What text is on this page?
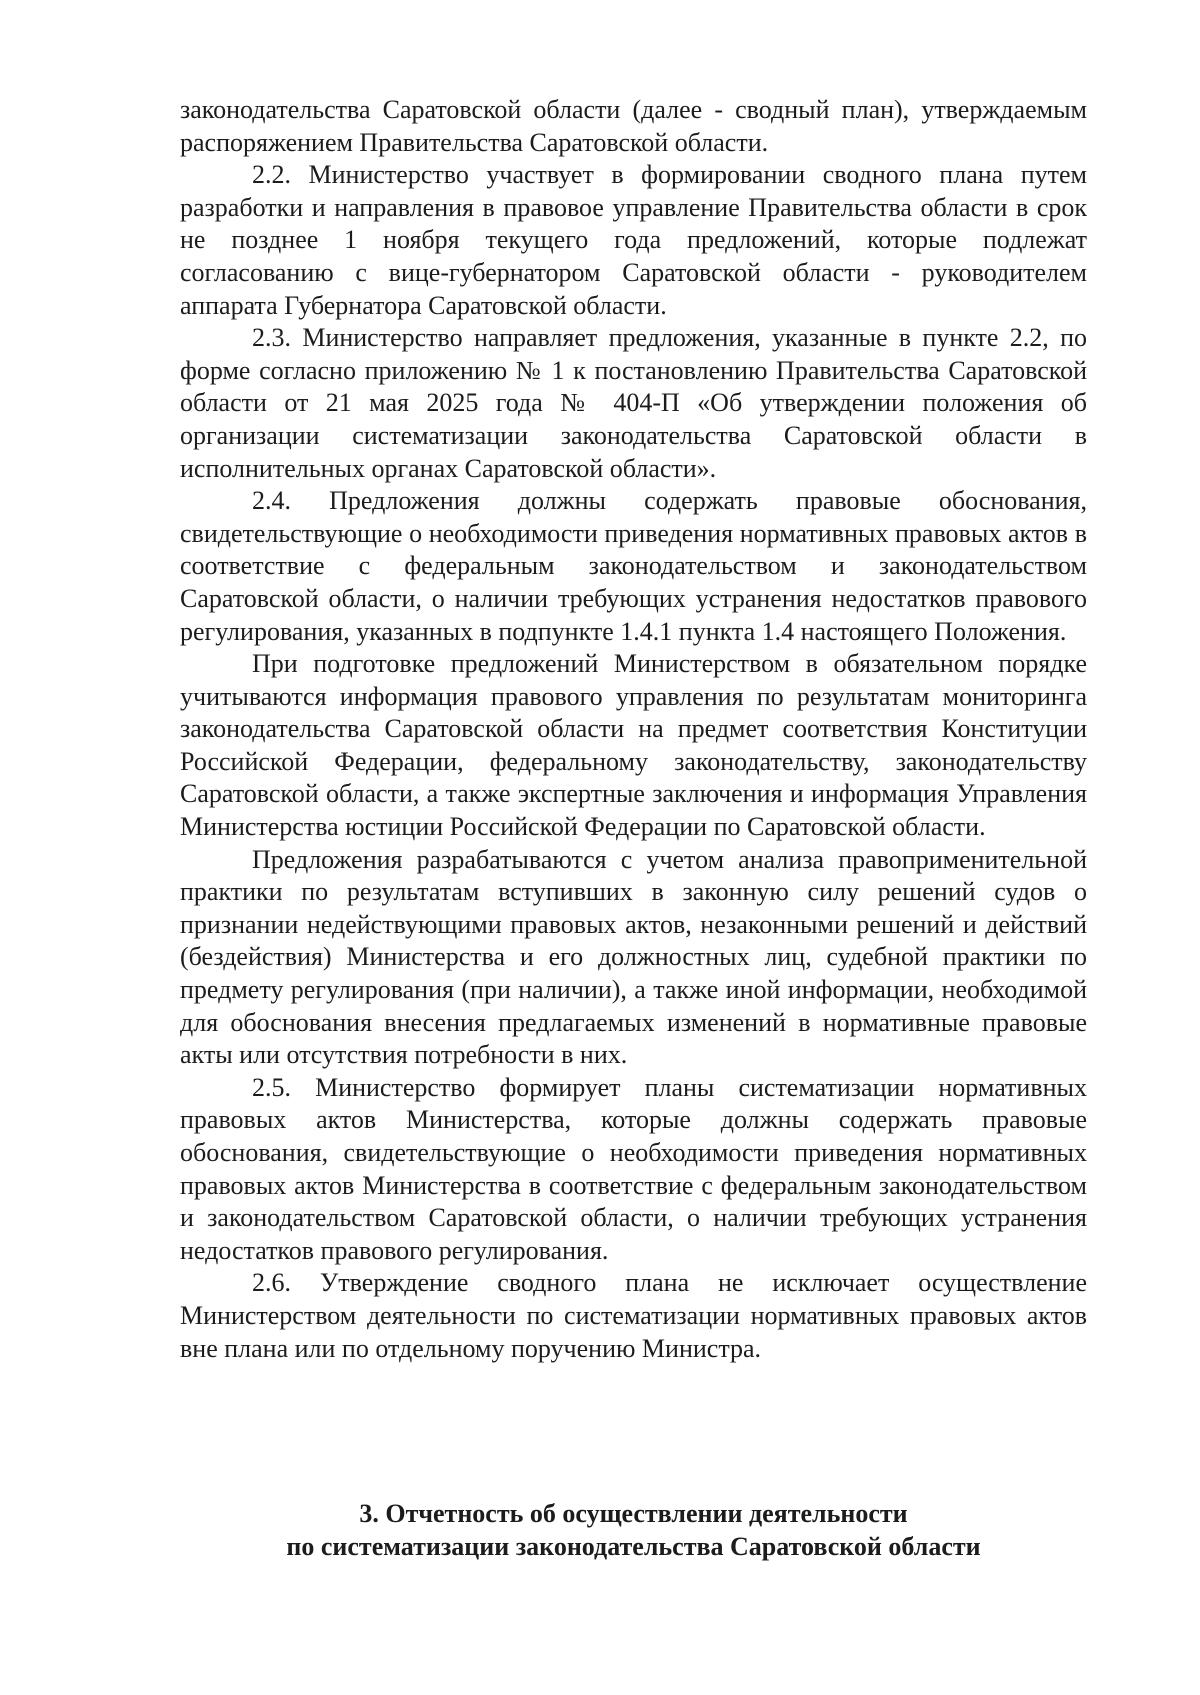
законодательства Саратовской области (далее - сводный план), утверждаемым распоряжением Правительства Саратовской области.

2.2. Министерство участвует в формировании сводного плана путем разработки и направления в правовое управление Правительства области в срок не позднее 1 ноября текущего года предложений, которые подлежат согласованию с вице-губернатором Саратовской области - руководителем аппарата Губернатора Саратовской области.

2.3. Министерство направляет предложения, указанные в пункте 2.2, по форме согласно приложению № 1 к постановлению Правительства Саратовской области от 21 мая 2025 года № 404-П «Об утверждении положения об организации систематизации законодательства Саратовской области в исполнительных органах Саратовской области».

2.4. Предложения должны содержать правовые обоснования, свидетельствующие о необходимости приведения нормативных правовых актов в соответствие с федеральным законодательством и законодательством Саратовской области, о наличии требующих устранения недостатков правового регулирования, указанных в подпункте 1.4.1 пункта 1.4 настоящего Положения.

При подготовке предложений Министерством в обязательном порядке учитываются информация правового управления по результатам мониторинга законодательства Саратовской области на предмет соответствия Конституции Российской Федерации, федеральному законодательству, законодательству Саратовской области, а также экспертные заключения и информация Управления Министерства юстиции Российской Федерации по Саратовской области.

Предложения разрабатываются с учетом анализа правоприменительной практики по результатам вступивших в законную силу решений судов о признании недействующими правовых актов, незаконными решений и действий (бездействия) Министерства и его должностных лиц, судебной практики по предмету регулирования (при наличии), а также иной информации, необходимой для обоснования внесения предлагаемых изменений в нормативные правовые акты или отсутствия потребности в них.

2.5. Министерство формирует планы систематизации нормативных правовых актов Министерства, которые должны содержать правовые обоснования, свидетельствующие о необходимости приведения нормативных правовых актов Министерства в соответствие с федеральным законодательством и законодательством Саратовской области, о наличии требующих устранения недостатков правового регулирования.

2.6. Утверждение сводного плана не исключает осуществление Министерством деятельности по систематизации нормативных правовых актов вне плана или по отдельному поручению Министра.

3. Отчетность об осуществлении деятельности
по систематизации законодательства Саратовской области
